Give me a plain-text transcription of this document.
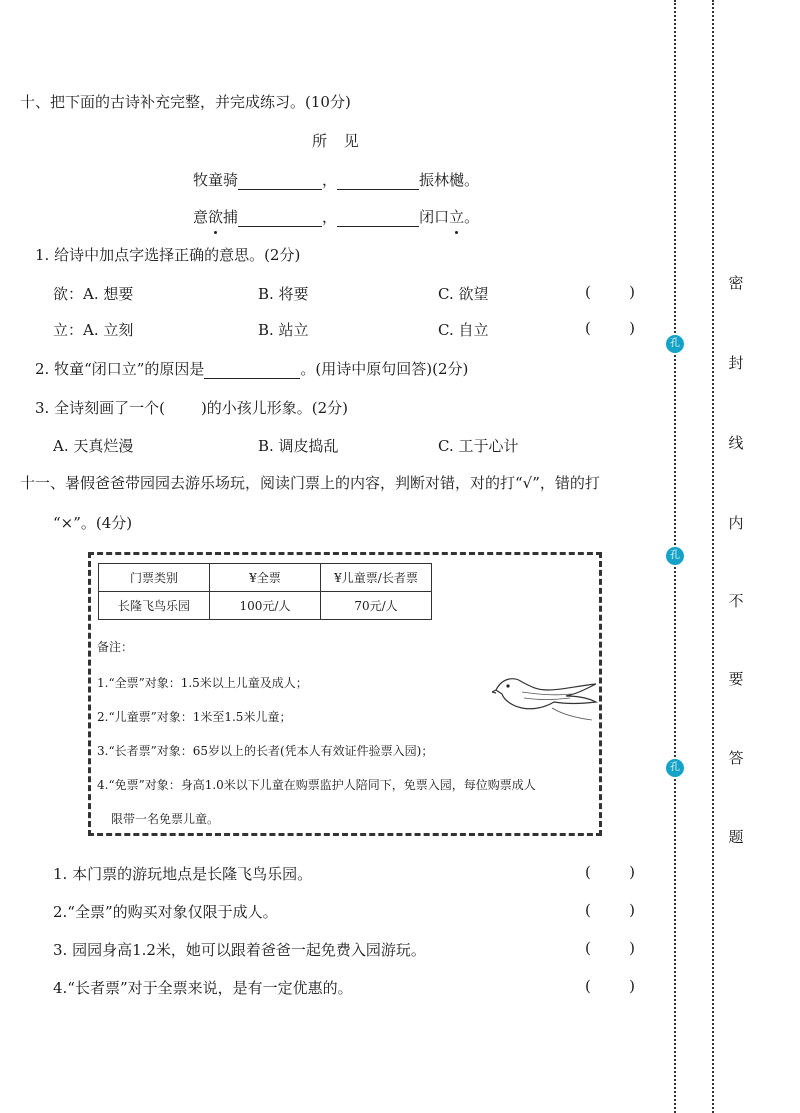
十、把下面的古诗补充完整，并完成练习。(10分)
所 见
牧童骑	，	振林樾。
意欲捕	，	闭口立。
1. 给诗中加点字选择正确的意思。(2分)
欲：A. 想要	B. 将要	C. 欲望	(	)
立：A. 立刻	B. 站立	C. 自立	(	)
2. 牧童“闭口立”的原因是	。(用诗中原句回答)(2分)
3. 全诗刻画了一个( )的小孩儿形象。(2分)
A. 天真烂漫	B. 调皮捣乱	C. 工于心计
十一、暑假爸爸带园园去游乐场玩，阅读门票上的内容，判断对错，对的打“√”，错的打
“×”。(4分)
门票类别	¥全票	¥儿童票/长者票
长隆飞鸟乐园	100元/人	70元/人
备注：
1.“全票”对象：1.5米以上儿童及成人；
2.“儿童票”对象：1米至1.5米儿童；
3.“长者票”对象：65岁以上的长者(凭本人有效证件验票入园)；
4.“免票”对象：身高1.0米以下儿童在购票监护人陪同下，免票入园，每位购票成人
限带一名免票儿童。
1. 本门票的游玩地点是长隆飞鸟乐园。	(	)
2.“全票”的购买对象仅限于成人。	(	)
3. 园园身高1.2米，她可以跟着爸爸一起免费入园游玩。	(	)
4.“长者票”对于全票来说，是有一定优惠的。	(	)
孔
孔
孔
密
封
线
内
不
要
答
题
